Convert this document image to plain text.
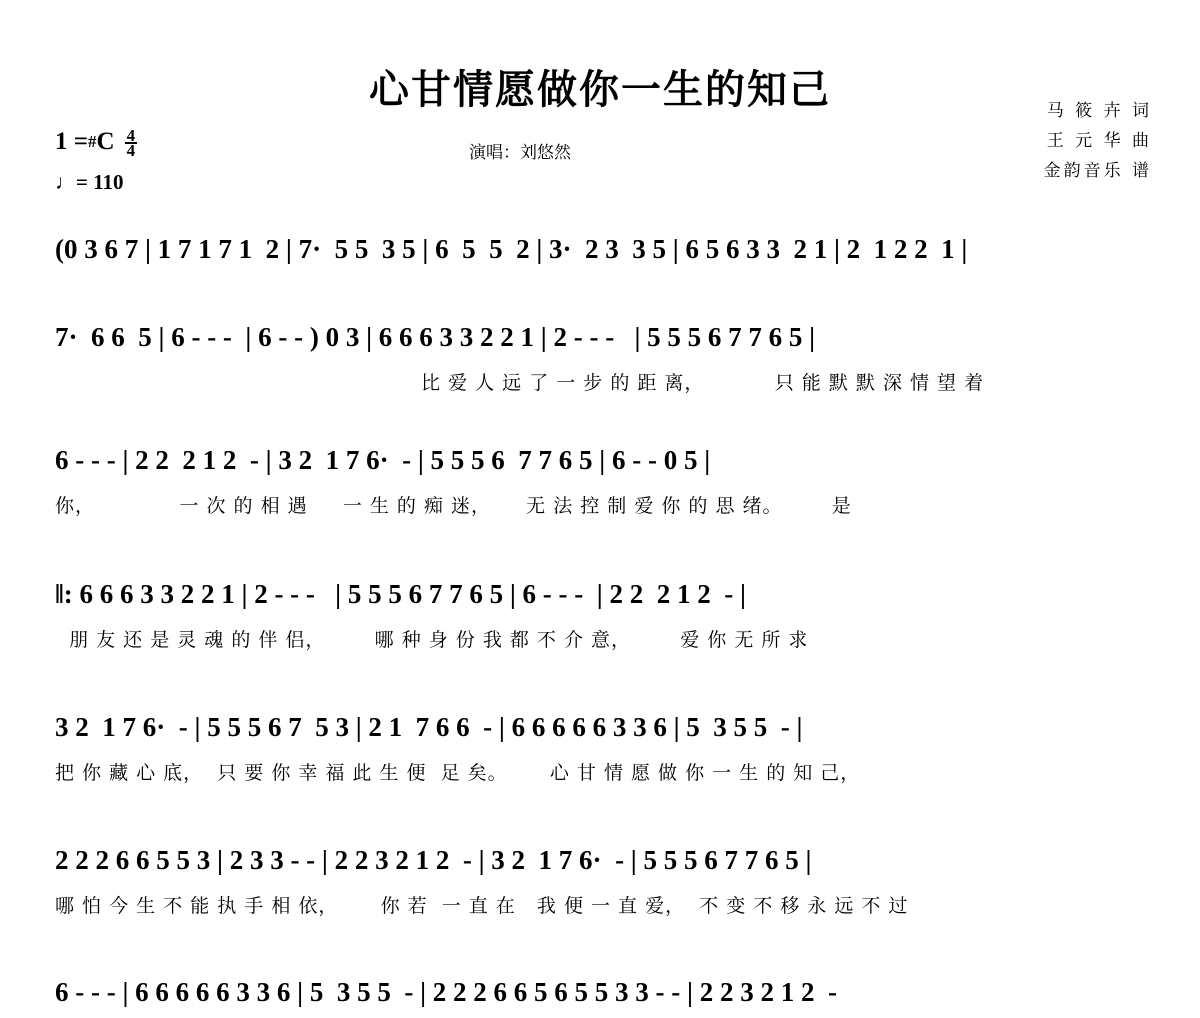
心甘情愿做你一生的知己
演唱：刘悠然
马 筱 卉 词
王 元 华 曲
金韵音乐 谱
1 = # C $\frac{4}{4}$
♩= 110
(0 3 6 7 | 1 7 1 7 1  2 | 7·  5 5  3 5 | 6  5  5  2 | 3·  2 3  3 5 | 6 5 6 3 3  2 1 | 2  1 2 2  1 |
7·  6 6  5 | 6 - - -  | 6 - - ) 0 3 | 6 6 6 3 3 2 2 1 | 2 - - -   | 5 5 5 6 7 7 6 5 |
比 爱 人 远 了 一 步 的 距 离，          只 能 默 默 深 情 望 着
6 - - - | 2 2  2 1 2  - | 3 2  1 7 6·  - | 5 5 5 6  7 7 6 5 | 6 - - 0 5 |
你，            一 次 的 相 遇     一 生 的 痴 迷，     无 法 控 制 爱 你 的 思 绪。       是
‖: 6 6 6 3 3 2 2 1 | 2 - - -   | 5 5 5 6 7 7 6 5 | 6 - - -  | 2 2  2 1 2  - |
朋 友 还 是 灵 魂 的 伴 侣，       哪 种 身 份 我 都 不 介 意，       爱 你 无 所 求
3 2  1 7 6·  - | 5 5 5 6 7  5 3 | 2 1  7 6 6  - | 6 6 6 6 6 3 3 6 | 5  3 5 5  - |
把 你 藏 心 底，  只 要 你 幸 福 此 生 便  足 矣。      心 甘 情 愿 做 你 一 生 的 知 己，
2 2 2 6 6 5 5 3 | 2 3 3 - - | 2 2 3 2 1 2  - | 3 2  1 7 6·  - | 5 5 5 6 7 7 6 5 |
哪 怕 今 生 不 能 执 手 相 依，      你 若  一 直 在   我 便 一 直 爱，  不 变 不 移 永 远 不 过
6 - - - | 6 6 6 6 6 3 3 6 | 5  3 5 5  - | 2 2 2 6 6 5 6 5 5 3 3 - - | 2 2 3 2 1 2  -
